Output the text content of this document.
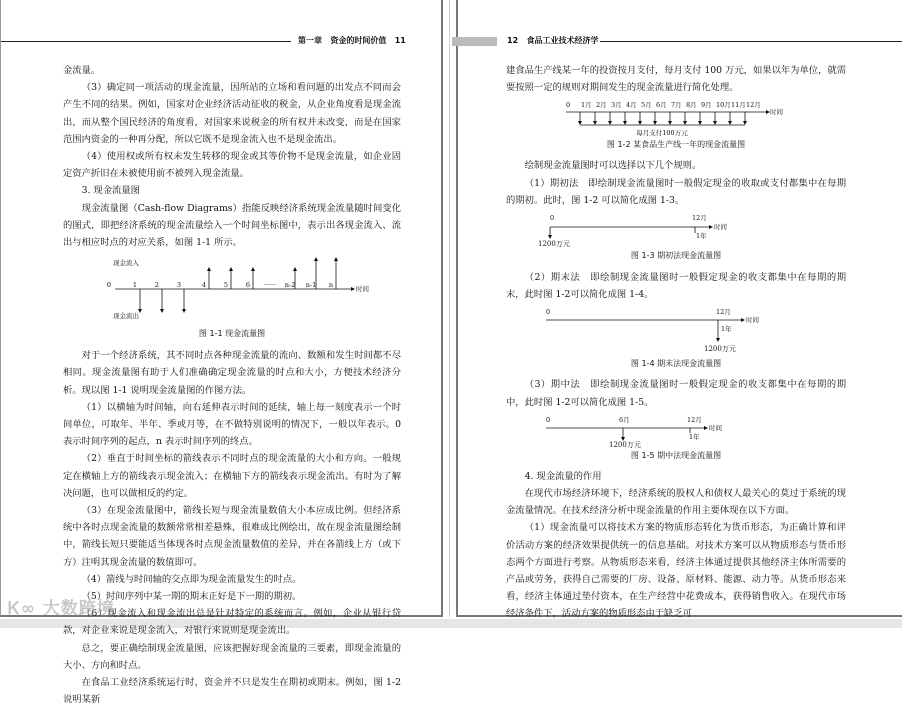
第一章 资金的时间价值 11

金流量。

（3）确定同一项活动的现金流量，因所站的立场和看问题的出发点不同而会产生不同的结果。例如，国家对企业经济活动征收的税金，从企业角度看是现金流出，而从整个国民经济的角度看，对国家来说税金的所有权并未改变，而是在国家范围内资金的一种再分配，所以它既不是现金流入也不是现金流出。

（4）使用权或所有权未发生转移的现金或其等价物不是现金流量，如企业固定资产折旧在未被使用前不被列入现金流量。

3. 现金流量图

现金流量图（Cash-flow Diagrams）指能反映经济系统现金流量随时间变化的图式，即把经济系统的现金流量绘入一个时间坐标图中，表示出各现金流入、流出与相应时点的对应关系，如图 1-1 所示。

现金流入
现金流出
时间
0	1	2	3	4	5	6 ······ n-2 n-1 n

图 1-1 现金流量图

对于一个经济系统，其不同时点各种现金流量的流向、数额和发生时间都不尽相同。现金流量图有助于人们准确确定现金流量的时点和大小，方便技术经济分析。现以图 1-1 说明现金流量图的作图方法。

（1）以横轴为时间轴，向右延伸表示时间的延续，轴上每一刻度表示一个时间单位，可取年、半年、季或月等，在不做特别说明的情况下，一般以年表示。0 表示时间序列的起点，n 表示时间序列的终点。

（2）垂直于时间坐标的箭线表示不同时点的现金流量的大小和方向。一般规定在横轴上方的箭线表示现金流入；在横轴下方的箭线表示现金流出。有时为了解决问题，也可以做相反的约定。

（3）在现金流量图中，箭线长短与现金流量数值大小本应成比例。但经济系统中各时点现金流量的数额常常相差悬殊，很难成比例绘出，故在现金流量图绘制中，箭线长短只要能适当体现各时点现金流量数值的差异，并在各箭线上方（或下方）注明其现金流量的数值即可。

（4）箭线与时间轴的交点即为现金流量发生的时点。

（5）时间序列中某一期的期末正好是下一期的期初。

（6）现金流入和现金流出总是针对特定的系统而言。例如，企业从银行贷款，对企业来说是现金流入，对银行来说则是现金流出。

总之，要正确绘制现金流量图，应该把握好现金流量的三要素，即现金流量的大小、方向和时点。

在食品工业经济系统运行时，资金并不只是发生在期初或期末。例如，图 1-2 说明某新

12 食品工业技术经济学

建食品生产线某一年的投资按月支付，每月支付 100 万元，如果以年为单位，就需要按照一定的规则对期间发生的现金流量进行简化处理。

时间
每月支付100万元
0 1月 2月 3月 4月 5月 6月 7月 8月 9月 10月 11月 12月

图 1-2 某食品生产线一年的现金流量图

绘制现金流量图时可以选择以下几个规则。

（1）期初法　即绘制现金流量图时一般假定现金的收取或支付都集中在每期的期初。此时，图 1-2 可以简化成图 1-3。

0	12月
时间
1200万元
1年

图 1-3 期初法现金流量图

（2）期末法　即绘制现金流量图时一般假定现金的收支都集中在每期的期末，此时图 1-2可以简化成图 1-4。

0	12月
时间
1年
1200万元

图 1-4 期末法现金流量图

（3）期中法　即绘制现金流量图时一般假定现金的收支都集中在每期的期中，此时图 1-2可以简化成图 1-5。

0	6月	12月
时间
1200万元
1年

图 1-5 期中法现金流量图

4. 现金流量的作用

在现代市场经济环境下，经济系统的股权人和债权人最关心的莫过于系统的现金流量情况。在技术经济分析中现金流量的作用主要体现在以下方面。

（1）现金流量可以将技术方案的物质形态转化为货币形态，为正确计算和评价活动方案的经济效果提供统一的信息基础。对技术方案可以从物质形态与货币形态两个方面进行考察。从物质形态来看，经济主体通过提供其他经济主体所需要的产品或劳务，获得自己需要的厂房、设备、原材料、能源、动力等。从货币形态来看，经济主体通过垫付资本，在生产经营中花费成本，获得销售收入。在现代市场经济条件下，活动方案的物质形态由于缺乏可

Ꮶ∞ 大数跨境
